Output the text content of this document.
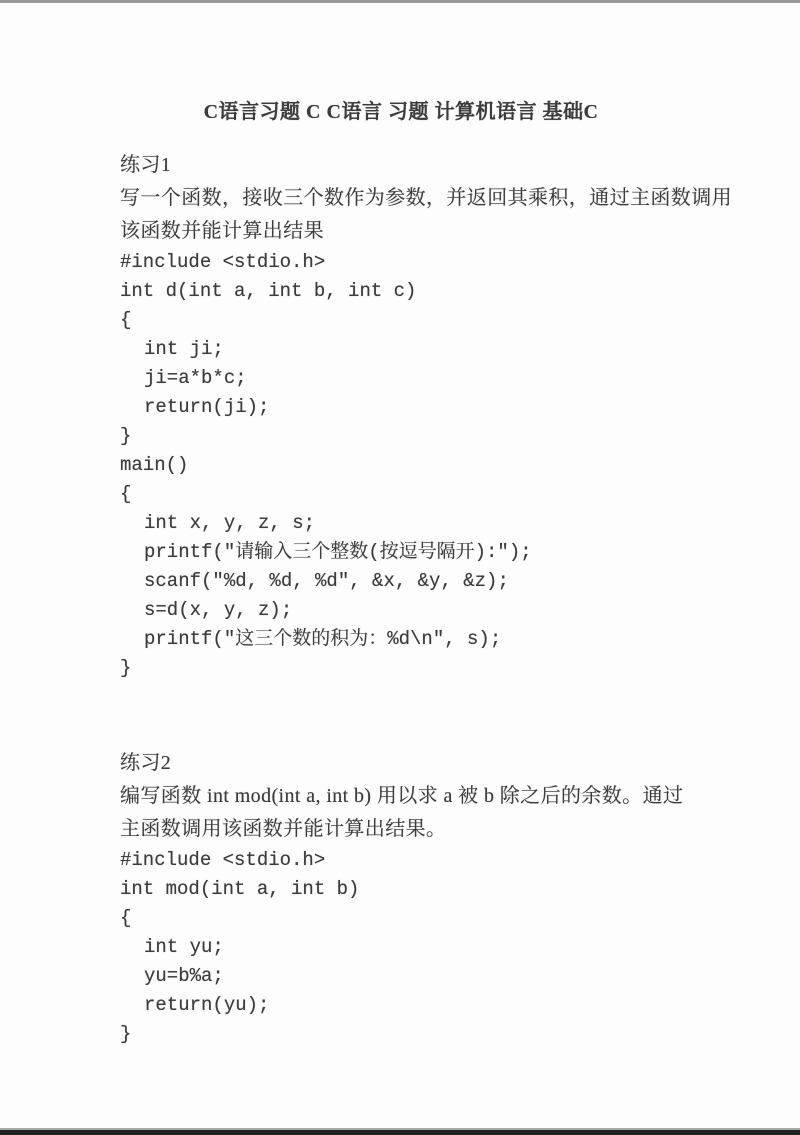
C语言习题 C C语言 习题 计算机语言 基础C
练习1
写一个函数，接收三个数作为参数，并返回其乘积，通过主函数调用
该函数并能计算出结果
#include <stdio.h>
int d(int a, int b, int c)
{
int ji;
ji=a*b*c;
return(ji);
}
main()
{
int x, y, z, s;
printf(″请输入三个整数(按逗号隔开):″);
scanf(″%d, %d, %d″, &x, &y, &z);
s=d(x, y, z);
printf(″这三个数的积为：%d\n″, s);
}
练习2
编写函数 int mod(int a, int b) 用以求 a 被 b 除之后的余数。通过
主函数调用该函数并能计算出结果。
#include <stdio.h>
int mod(int a, int b)
{
int yu;
yu=b%a;
return(yu);
}
